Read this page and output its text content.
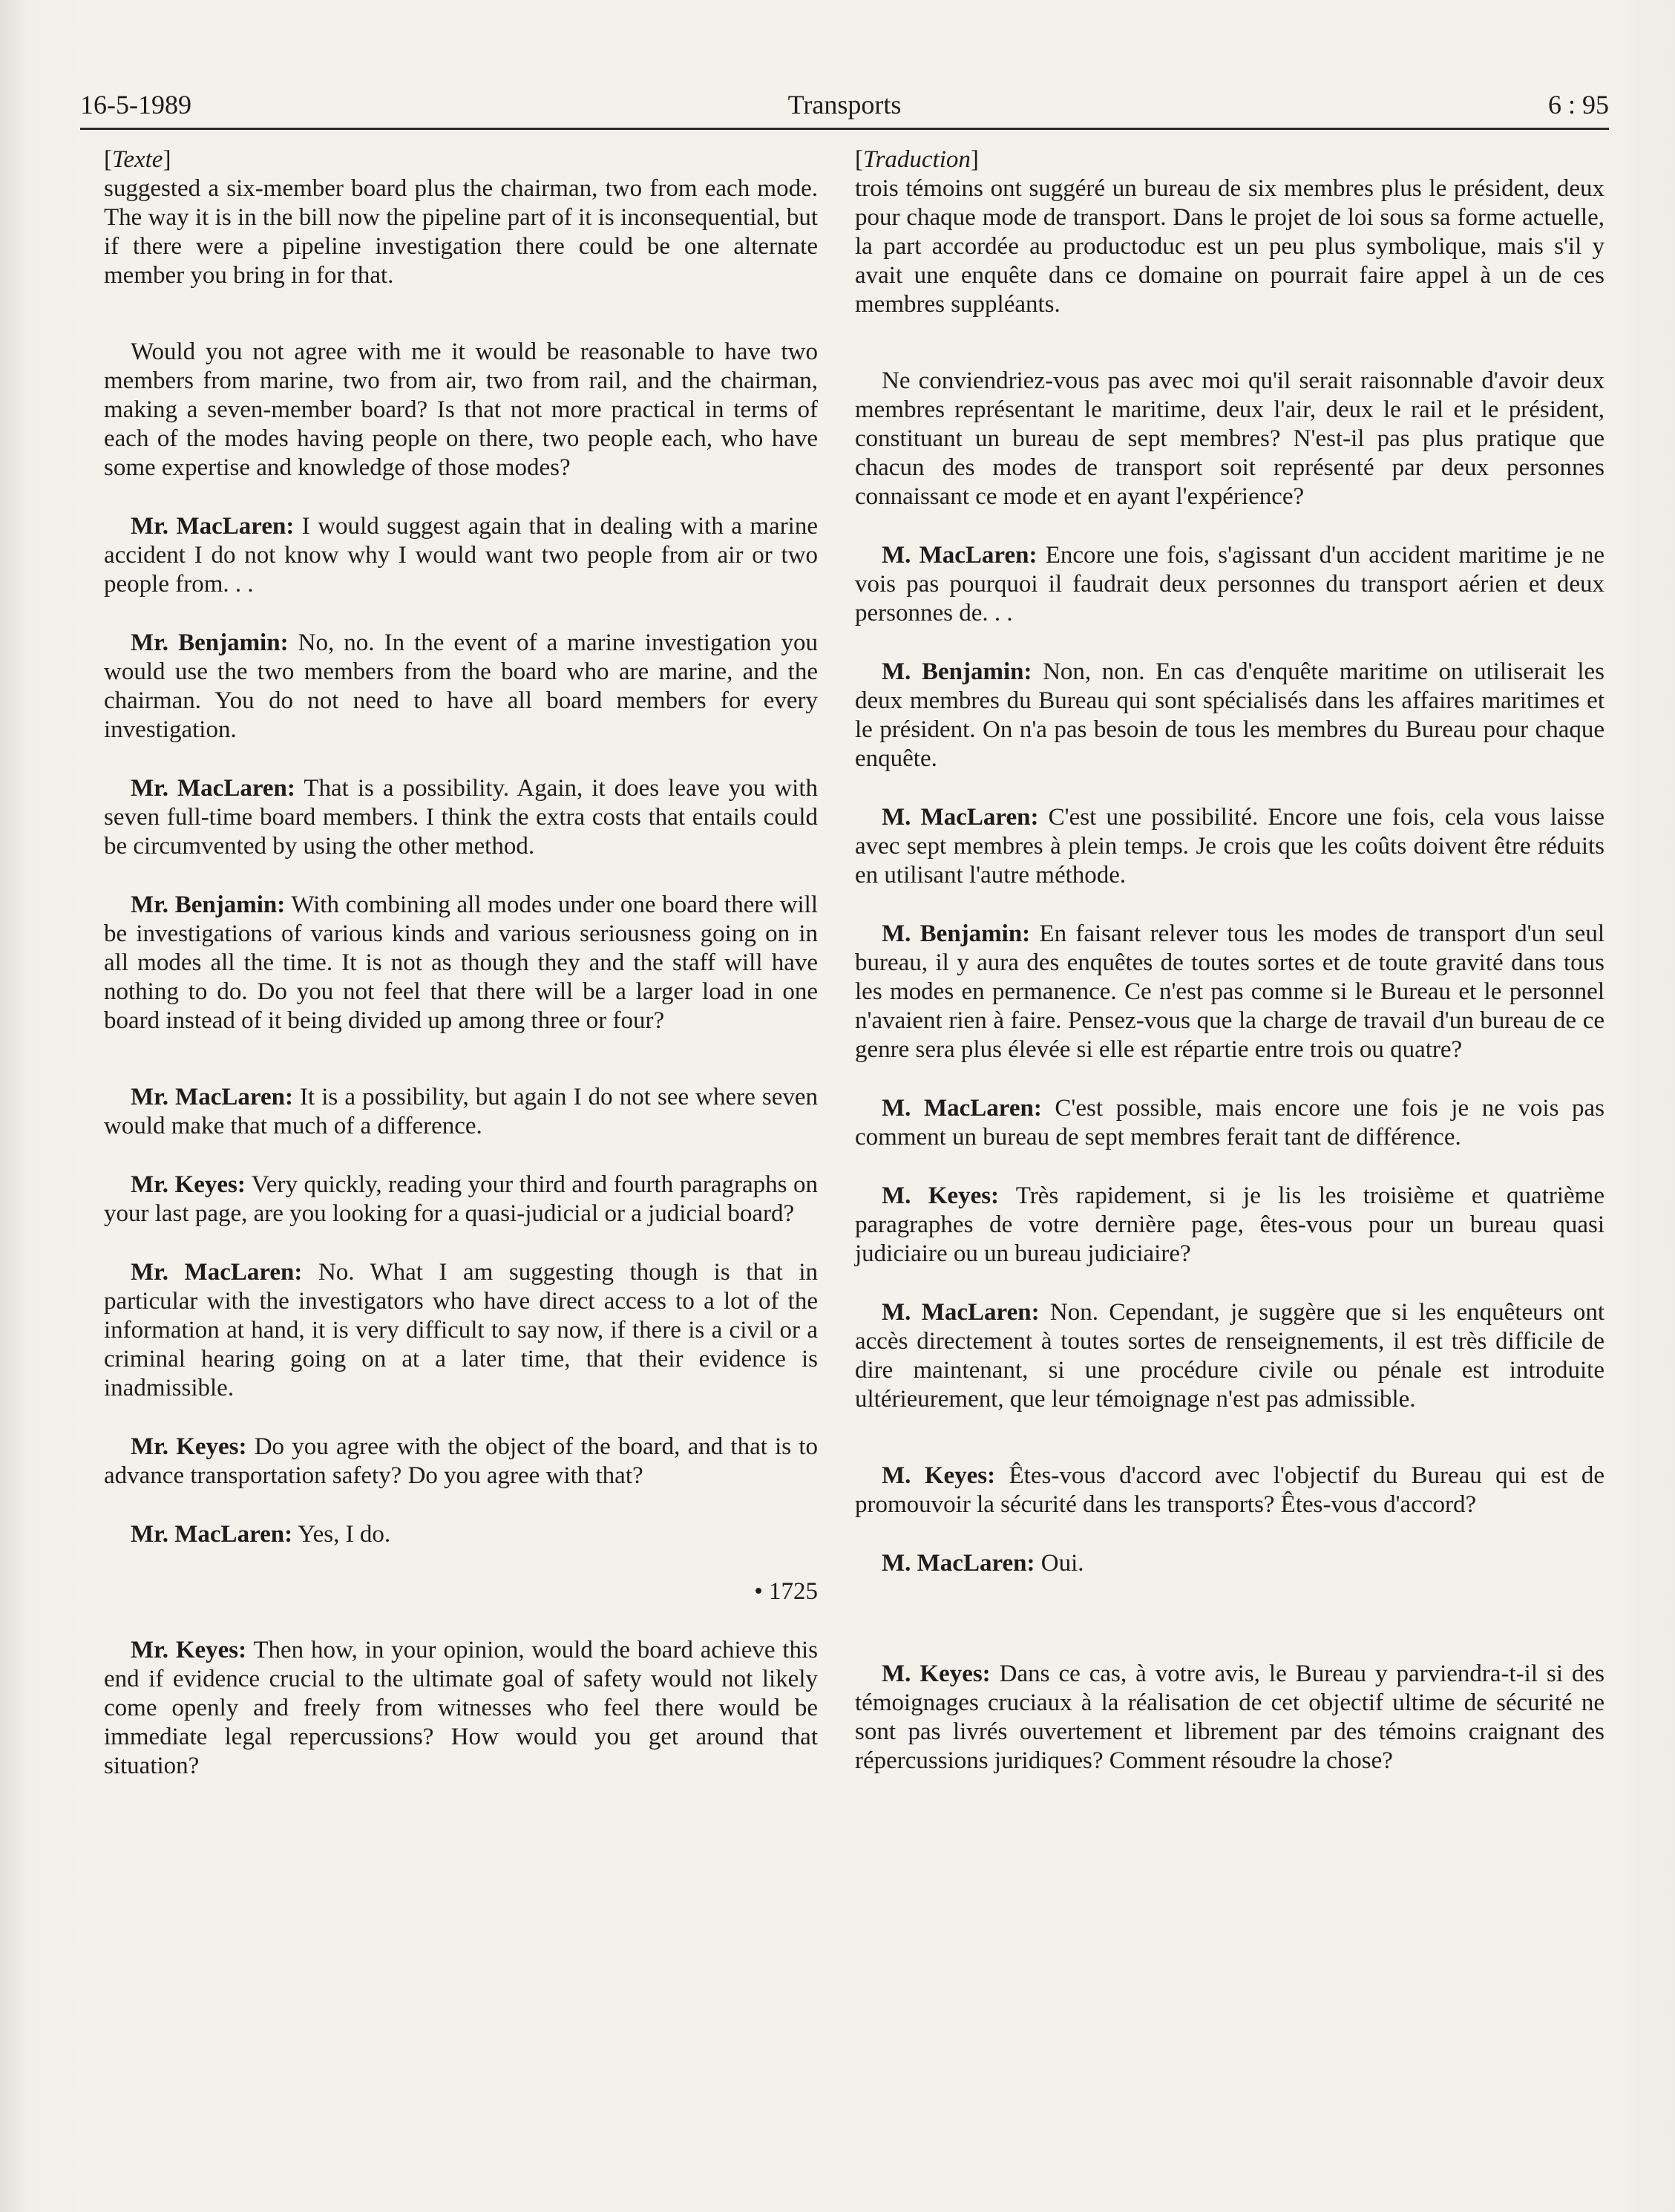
16-5-1989	Transports	6 : 95
[Texte]

suggested a six-member board plus the chairman, two from each mode. The way it is in the bill now the pipeline part of it is inconsequential, but if there were a pipeline investigation there could be one alternate member you bring in for that.

Would you not agree with me it would be reasonable to have two members from marine, two from air, two from rail, and the chairman, making a seven-member board? Is that not more practical in terms of each of the modes having people on there, two people each, who have some expertise and knowledge of those modes?

Mr. MacLaren: I would suggest again that in dealing with a marine accident I do not know why I would want two people from air or two people from. . .

Mr. Benjamin: No, no. In the event of a marine investigation you would use the two members from the board who are marine, and the chairman. You do not need to have all board members for every investigation.

Mr. MacLaren: That is a possibility. Again, it does leave you with seven full-time board members. I think the extra costs that entails could be circumvented by using the other method.

Mr. Benjamin: With combining all modes under one board there will be investigations of various kinds and various seriousness going on in all modes all the time. It is not as though they and the staff will have nothing to do. Do you not feel that there will be a larger load in one board instead of it being divided up among three or four?

Mr. MacLaren: It is a possibility, but again I do not see where seven would make that much of a difference.

Mr. Keyes: Very quickly, reading your third and fourth paragraphs on your last page, are you looking for a quasi-judicial or a judicial board?

Mr. MacLaren: No. What I am suggesting though is that in particular with the investigators who have direct access to a lot of the information at hand, it is very difficult to say now, if there is a civil or a criminal hearing going on at a later time, that their evidence is inadmissible.

Mr. Keyes: Do you agree with the object of the board, and that is to advance transportation safety? Do you agree with that?

Mr. MacLaren: Yes, I do.

• 1725

Mr. Keyes: Then how, in your opinion, would the board achieve this end if evidence crucial to the ultimate goal of safety would not likely come openly and freely from witnesses who feel there would be immediate legal repercussions? How would you get around that situation?

[Traduction]

trois témoins ont suggéré un bureau de six membres plus le président, deux pour chaque mode de transport. Dans le projet de loi sous sa forme actuelle, la part accordée au productoduc est un peu plus symbolique, mais s'il y avait une enquête dans ce domaine on pourrait faire appel à un de ces membres suppléants.

Ne conviendriez-vous pas avec moi qu'il serait raisonnable d'avoir deux membres représentant le maritime, deux l'air, deux le rail et le président, constituant un bureau de sept membres? N'est-il pas plus pratique que chacun des modes de transport soit représenté par deux personnes connaissant ce mode et en ayant l'expérience?

M. MacLaren: Encore une fois, s'agissant d'un accident maritime je ne vois pas pourquoi il faudrait deux personnes du transport aérien et deux personnes de. . .

M. Benjamin: Non, non. En cas d'enquête maritime on utiliserait les deux membres du Bureau qui sont spécialisés dans les affaires maritimes et le président. On n'a pas besoin de tous les membres du Bureau pour chaque enquête.

M. MacLaren: C'est une possibilité. Encore une fois, cela vous laisse avec sept membres à plein temps. Je crois que les coûts doivent être réduits en utilisant l'autre méthode.

M. Benjamin: En faisant relever tous les modes de transport d'un seul bureau, il y aura des enquêtes de toutes sortes et de toute gravité dans tous les modes en permanence. Ce n'est pas comme si le Bureau et le personnel n'avaient rien à faire. Pensez-vous que la charge de travail d'un bureau de ce genre sera plus élevée si elle est répartie entre trois ou quatre?

M. MacLaren: C'est possible, mais encore une fois je ne vois pas comment un bureau de sept membres ferait tant de différence.

M. Keyes: Très rapidement, si je lis les troisième et quatrième paragraphes de votre dernière page, êtes-vous pour un bureau quasi judiciaire ou un bureau judiciaire?

M. MacLaren: Non. Cependant, je suggère que si les enquêteurs ont accès directement à toutes sortes de renseignements, il est très difficile de dire maintenant, si une procédure civile ou pénale est introduite ultérieurement, que leur témoignage n'est pas admissible.

M. Keyes: Êtes-vous d'accord avec l'objectif du Bureau qui est de promouvoir la sécurité dans les transports? Êtes-vous d'accord?

M. MacLaren: Oui.

M. Keyes: Dans ce cas, à votre avis, le Bureau y parviendra-t-il si des témoignages cruciaux à la réalisation de cet objectif ultime de sécurité ne sont pas livrés ouvertement et librement par des témoins craignant des répercussions juridiques? Comment résoudre la chose?
